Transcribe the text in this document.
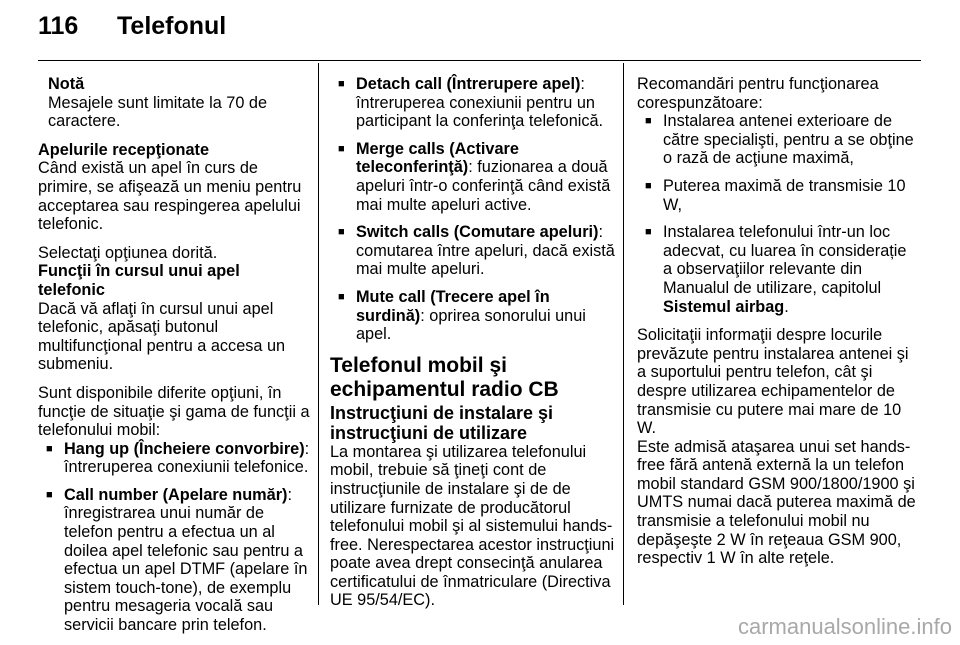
116 Telefonul

Notă

Mesajele sunt limitate la 70 de caractere.

Apelurile recepţionate

Când există un apel în curs de primire, se afişează un meniu pentru acceptarea sau respingerea apelului telefonic.

Selectaţi opţiunea dorită.

Funcţii în cursul unui apel telefonic

Dacă vă aflaţi în cursul unui apel telefonic, apăsaţi butonul multifuncţional pentru a accesa un submeniu.

Sunt disponibile diferite opţiuni, în funcţie de situaţie şi gama de funcţii a telefonului mobil:

■ Hang up (Încheiere convorbire): întreruperea conexiunii telefonice.
■ Call number (Apelare număr): înregistrarea unui număr de telefon pentru a efectua un al doilea apel telefonic sau pentru a efectua un apel DTMF (apelare în sistem touch-tone), de exemplu pentru mesageria vocală sau servicii bancare prin telefon.
■ Detach call (Întrerupere apel): întreruperea conexiunii pentru un participant la conferinţa telefonică.
■ Merge calls (Activare teleconferinţă): fuzionarea a două apeluri într-o conferinţă când există mai multe apeluri active.
■ Switch calls (Comutare apeluri): comutarea între apeluri, dacă există mai multe apeluri.
■ Mute call (Trecere apel în surdină): oprirea sonorului unui apel.

Telefonul mobil şi echipamentul radio CB

Instrucţiuni de instalare şi instrucţiuni de utilizare

La montarea şi utilizarea telefonului mobil, trebuie să ţineţi cont de instrucţiunile de instalare şi de de utilizare furnizate de producătorul telefonului mobil şi al sistemului hands-free. Nerespectarea acestor instrucţiuni poate avea drept consecinţă anularea certificatului de înmatriculare (Directiva UE 95/54/EC).

Recomandări pentru funcţionarea corespunzătoare:

■ Instalarea antenei exterioare de către specialişti, pentru a se obţine o rază de acţiune maximă,
■ Puterea maximă de transmisie 10 W,
■ Instalarea telefonului într-un loc adecvat, cu luarea în considerație a observaţiilor relevante din Manualul de utilizare, capitolul Sistemul airbag.

Solicitaţii informaţii despre locurile prevăzute pentru instalarea antenei şi a suportului pentru telefon, cât şi despre utilizarea echipamentelor de transmisie cu putere mai mare de 10 W.

Este admisă ataşarea unui set hands-free fără antenă externă la un telefon mobil standard GSM 900/1800/1900 şi UMTS numai dacă puterea maximă de transmisie a telefonului mobil nu depăşeşte 2 W în reţeaua GSM 900, respectiv 1 W în alte reţele.

carmanualsonline.info
